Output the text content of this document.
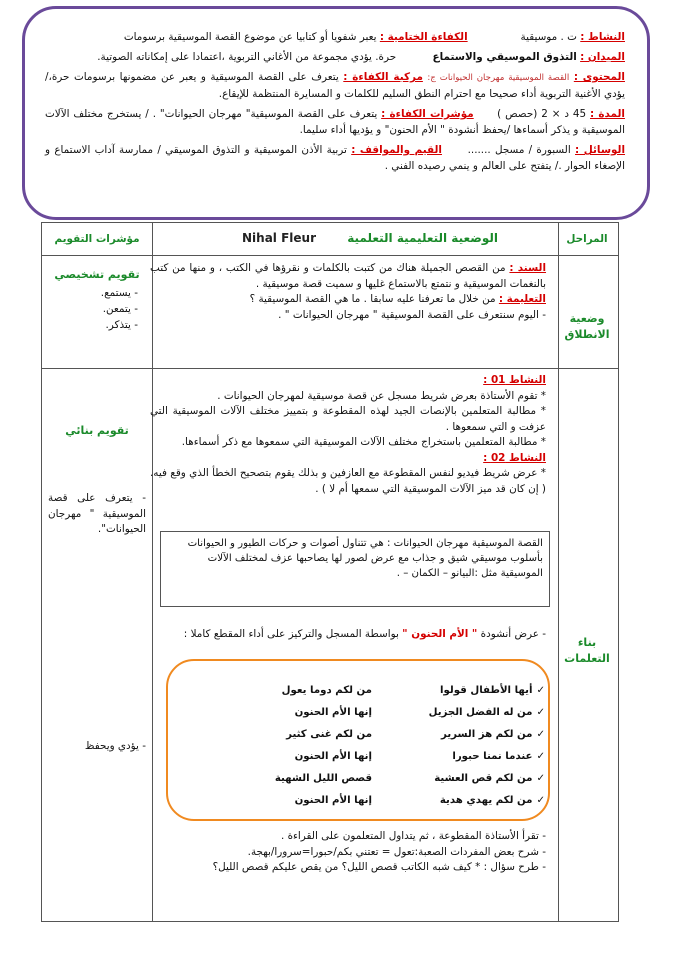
النشاط : ت . موسيقية                الكفاءة الختامية : يعبر شفويا أو كتابيا عن موضوع القصة الموسيقية برسومات
الميدان : التذوق الموسيقي والاستماع           حرة. يؤدي مجموعة من الأغاني التربوية ،اعتمادا على إمكاناته الصوتية.
المحتوى : القصة الموسيقية مهرجان الحيوانات ج: مركبة الكفاءة : يتعرف على القصة الموسيقية و يعبر عن مضمونها برسومات حرة،/ يؤدي الأغنية التربوية أداء صحيحا مع احترام النطق السليم للكلمات و المسايرة المنتظمة للإيقاع.
المدة : 45 د × 2 (حصص )      مؤشرات الكفاءة : يتعرف على القصة الموسيقية" مهرجان الحيوانات" . / يستخرج مختلف الآلات الموسيقية و يذكر أسماءها /يحفظ أنشودة " الأم الحنون" و يؤديها أداء سليما.
الوسائل : السبورة / مسجل .......      القيم والمواقف : تربية الأذن الموسيقية و التذوق الموسيقي / ممارسة آداب الاستماع و الإصغاء الحوار ./ يتفتح على العالم و ينمي رصيده الفني .
المراحل
الوضعية التعليمية التعلمية
Nihal Fleur
مؤشرات التقويم
وضعية الانطلاق
السند : من القصص الجميلة هناك من كتبت بالكلمات و نقرؤها في الكتب ، و منها من كتب بالنغمات الموسيقية و نتمتع بالاستماع غليها و سميت قصة موسيقية .
التعليمة : من خلال ما تعرفنا عليه سابقا . ما هي القصة الموسيقية ؟
- اليوم سنتعرف على القصة الموسيقية " مهرجان الحيوانات " .
تقويم تشخيصي
- يستمع.
- يتمعن.
- يتذكر.
بناء التعلمات
النشاط 01 :
* تقوم الأستاذة بعرض شريط مسجل عن قصة موسيقية لمهرجان الحيوانات .
* مطالبة المتعلمين بالإنصات الجيد لهذه المقطوعة و بتمييز مختلف الآلات الموسيقية التي عزفت و التي سمعوها .
* مطالبة المتعلمين باستخراج مختلف الآلات الموسيقية التي سمعوها مع ذكر أسماءها.
النشاط 02 :
* عرض شريط فيديو لنفس المقطوعة مع العازفين و بذلك يقوم بتصحيح الخطأ الذي وقع فيه.( إن كان قد ميز الآلات الموسيقية التي سمعها أم لا ) .
القصة الموسيقية مهرجان الحيوانات : هي تتناول أصوات و حركات الطيور و الحيوانات بأسلوب موسيقي شيق و جذاب مع عرض لصور لها يصاحبها عزف لمختلف الآلات الموسيقية مثل :البيانو – الكمان – .
تقويم بنائي
- يتعرف على قصة الموسيقية " مهرجان الحيوانات".
- عرض أنشودة " الأم الحنون " بواسطة المسجل والتركيز على أداء المقطع كاملا :
✓أيها الأطفال قولوا
✓من له الفضل الجزيل
✓من لكم هز السرير
✓عندما نمنا حبورا
✓من لكم قص العشية
✓من لكم يهدي هدية
من لكم دوما يعول
إنها الأم الحنون
من لكم غنى كثير
إنها الأم الحنون
قصص الليل الشهية
إنها الأم الحنون
- يؤدي ويحفظ
- تقرأ الأستاذة المقطوعة ، ثم يتداول المتعلمون على القراءة .
- شرح بعض المفردات الصعبة:تعول = تعتني بكم/حبورا=سرورا/بهجة.
- طرح سؤال : * كيف شبه الكاتب قصص الليل؟ من يقص عليكم قصص الليل؟
